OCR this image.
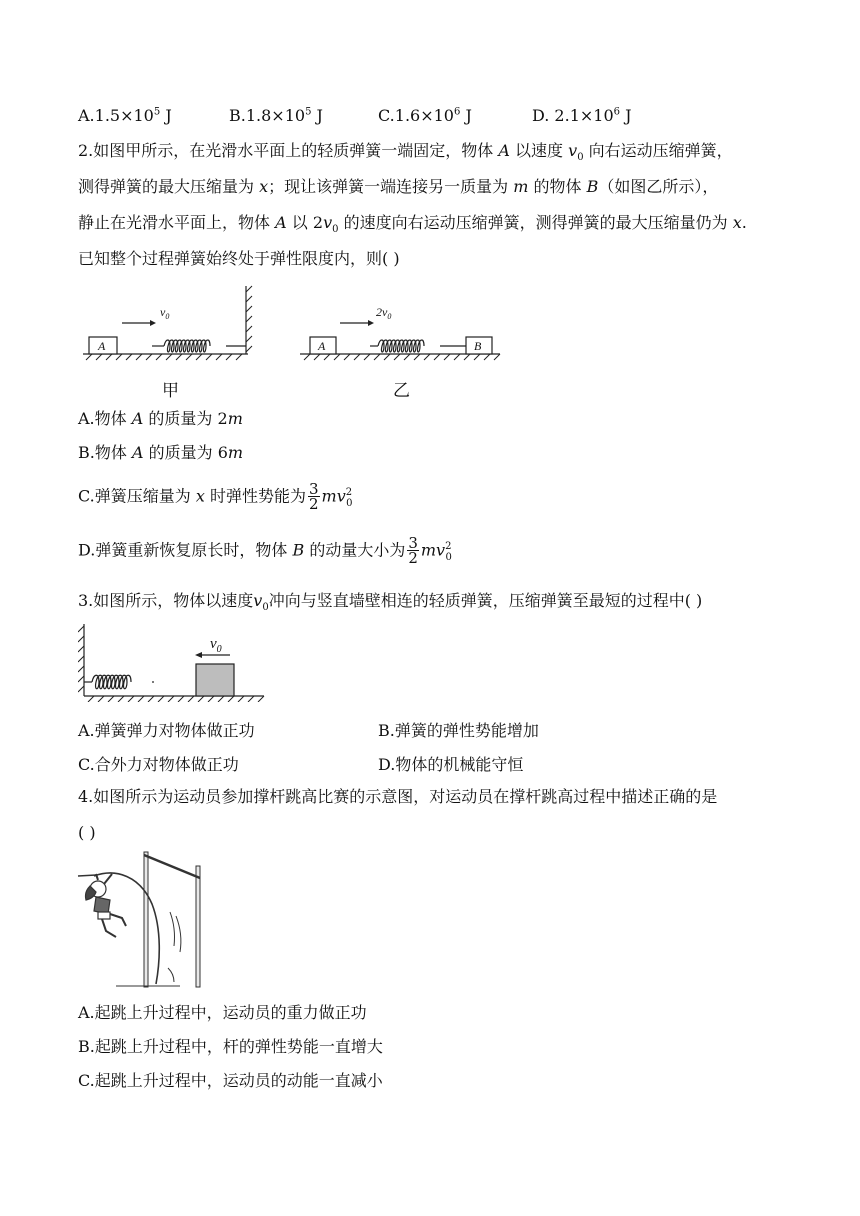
$A.1.5\times 10^5$ J	$B.1.8\times 10^5$ J	$C.1.6\times 10^6$ J	D. $2.1\times 10^6$ J
2.如图甲所示，在光滑水平面上的轻质弹簧一端固定，物体 A 以速度 $v_0$ 向右运动压缩弹簧，
测得弹簧的最大压缩量为 x；现让该弹簧一端连接另一质量为 m 的物体 B（如图乙所示），
静止在光滑水平面上，物体 A 以 $2v_0$ 的速度向右运动压缩弹簧，测得弹簧的最大压缩量仍为 x.
已知整个过程弹簧始终处于弹性限度内，则( )
A
$v_0$
甲
A	B
$2v_0$
乙
A.物体 A 的质量为 2m
B.物体 A 的质量为 6m
C.弹簧压缩量为 x 时弹性势能为 $\frac{3}{2} mv^2_0$
D.弹簧重新恢复原长时，物体 B 的动量大小为 $\frac{3}{2} mv^2_0$
3.如图所示，物体以速度$v_0$冲向与竖直墙壁相连的轻质弹簧，压缩弹簧至最短的过程中( )
$v_0$
A.弹簧弹力对物体做正功	B.弹簧的弹性势能增加
C.合外力对物体做正功	D.物体的机械能守恒
4.如图所示为运动员参加撑杆跳高比赛的示意图，对运动员在撑杆跳高过程中描述正确的是
( )
A.起跳上升过程中，运动员的重力做正功
B.起跳上升过程中，杆的弹性势能一直增大
C.起跳上升过程中，运动员的动能一直减小
